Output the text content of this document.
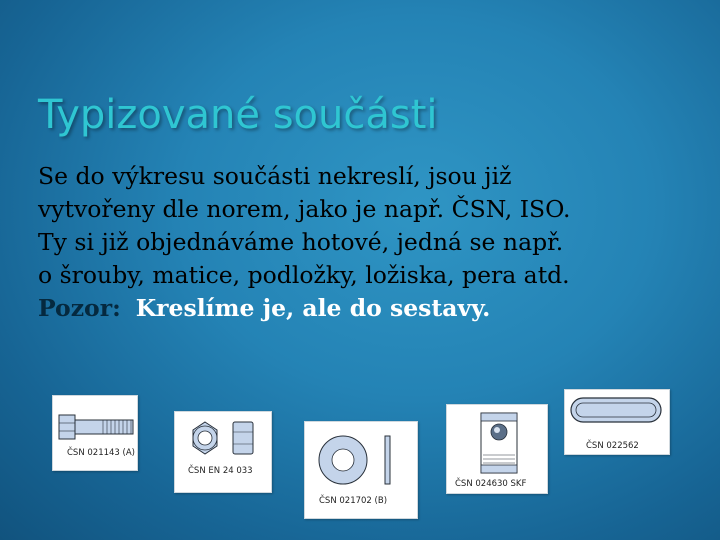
Typizované součásti
Se do výkresu součásti nekreslí, jsou již
vytvořeny dle norem, jako je např. ČSN, ISO.
Ty si již objednáváme hotové, jedná se např.
o šrouby, matice, podložky, ložiska, pera atd.
Pozor: Kreslíme je, ale do sestavy.
ČSN 021143 (A)
ČSN EN 24 033
ČSN 021702 (B)
ČSN 024630 SKF
ČSN 022562
